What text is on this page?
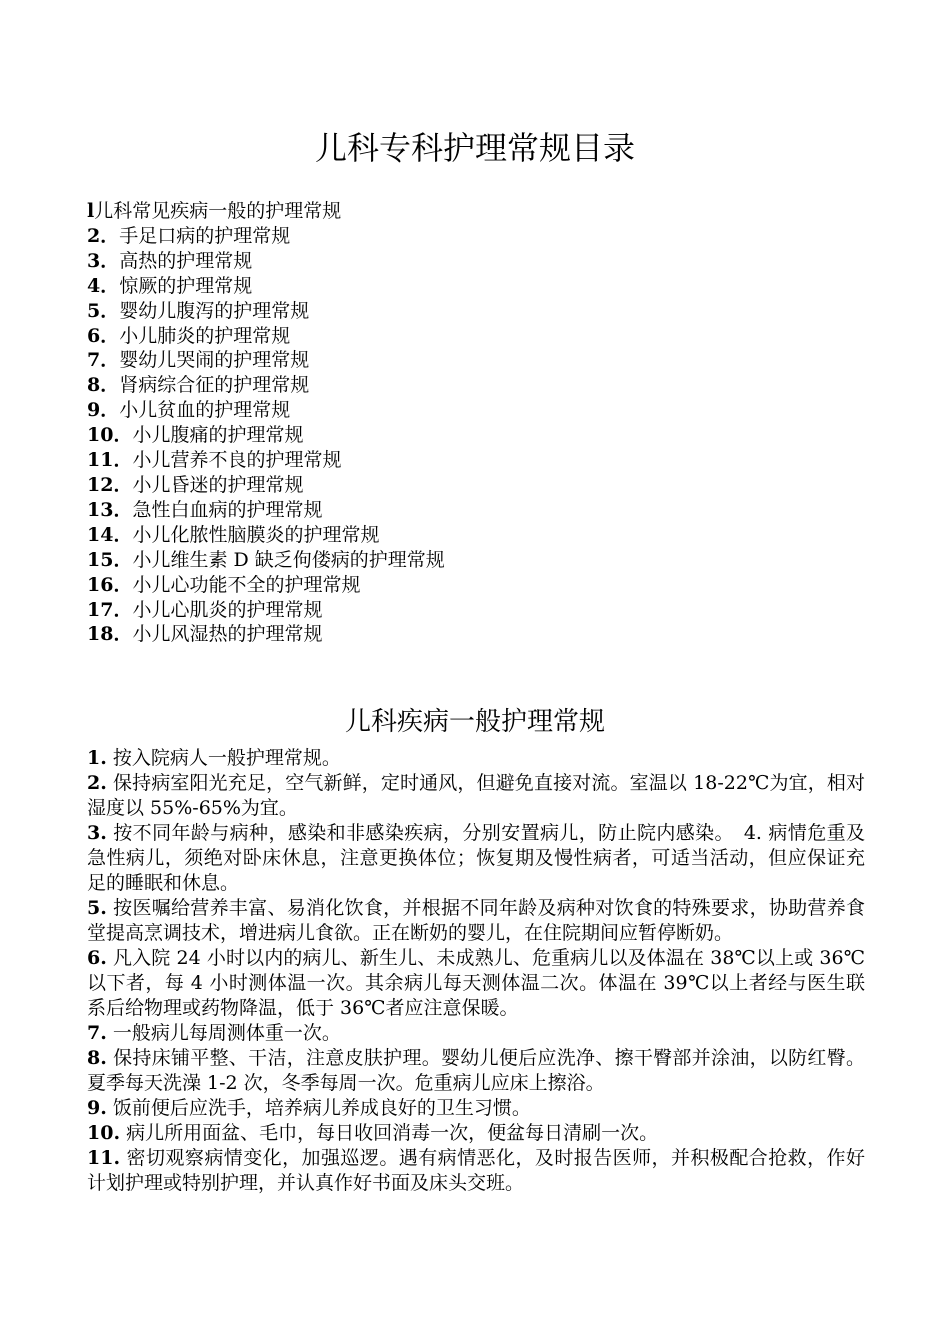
儿科专科护理常规目录
l儿科常见疾病一般的护理常规
2．手足口病的护理常规
3．高热的护理常规
4．惊厥的护理常规
5．婴幼儿腹泻的护理常规
6．小儿肺炎的护理常规
7．婴幼儿哭闹的护理常规
8．肾病综合征的护理常规
9．小儿贫血的护理常规
10．小儿腹痛的护理常规
11．小儿营养不良的护理常规
12．小儿昏迷的护理常规
13．急性白血病的护理常规
14．小儿化脓性脑膜炎的护理常规
15．小儿维生素 D 缺乏佝偻病的护理常规
16．小儿心功能不全的护理常规
17．小儿心肌炎的护理常规
18．小儿风湿热的护理常规
儿科疾病一般护理常规

1. 按入院病人一般护理常规。

2. 保持病室阳光充足，空气新鲜，定时通风，但避免直接对流。室温以 18-22℃为宜，相对湿度以 55%-65%为宜。

3. 按不同年龄与病种，感染和非感染疾病，分别安置病儿，防止院内感染。　4. 病情危重及急性病儿，须绝对卧床休息，注意更换体位；恢复期及慢性病者，可适当活动，但应保证充足的睡眠和休息。

5. 按医嘱给营养丰富、易消化饮食，并根据不同年龄及病种对饮食的特殊要求，协助营养食堂提高烹调技术，增进病儿食欲。正在断奶的婴儿，在住院期间应暂停断奶。

6. 凡入院 24 小时以内的病儿、新生儿、未成熟儿、危重病儿以及体温在 38℃以上或 36℃以下者，每 4 小时测体温一次。其余病儿每天测体温二次。体温在 39℃以上者经与医生联系后给物理或药物降温，低于 36℃者应注意保暖。

7. 一般病儿每周测体重一次。

8. 保持床铺平整、干洁，注意皮肤护理。婴幼儿便后应洗净、擦干臀部并涂油，以防红臀。夏季每天洗澡 1-2 次，冬季每周一次。危重病儿应床上擦浴。

9. 饭前便后应洗手，培养病儿养成良好的卫生习惯。

10. 病儿所用面盆、毛巾，每日收回消毒一次，便盆每日清刷一次。

11. 密切观察病情变化，加强巡逻。遇有病情恶化，及时报告医师，并积极配合抢救，作好计划护理或特别护理，并认真作好书面及床头交班。
